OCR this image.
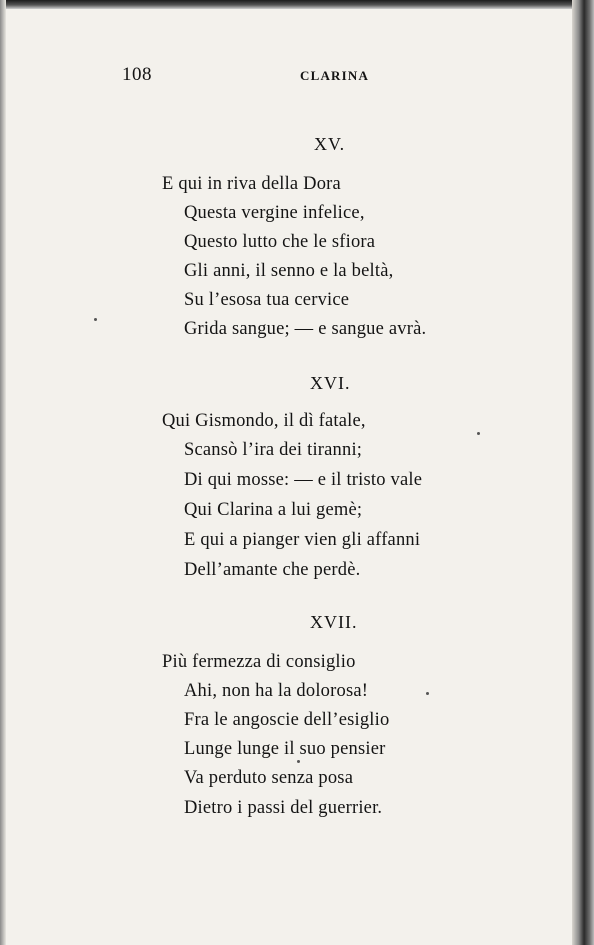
108	CLARINA
XV.
E qui in riva della Dora
Questa vergine infelice,
Questo lutto che le sfiora
Gli anni, il senno e la beltà,
Su l’esosa tua cervice
Grida sangue; — e sangue avrà.
XVI.
Qui Gismondo, il dì fatale,
Scansò l’ira dei tiranni;
Di qui mosse: — e il tristo vale
Qui Clarina a lui gemè;
E qui a pianger vien gli affanni
Dell’amante che perdè.
XVII.
Più fermezza di consiglio
Ahi, non ha la dolorosa!
Fra le angoscie dell’esiglio
Lunge lunge il suo pensier
Va perduto senza posa
Dietro i passi del guerrier.
